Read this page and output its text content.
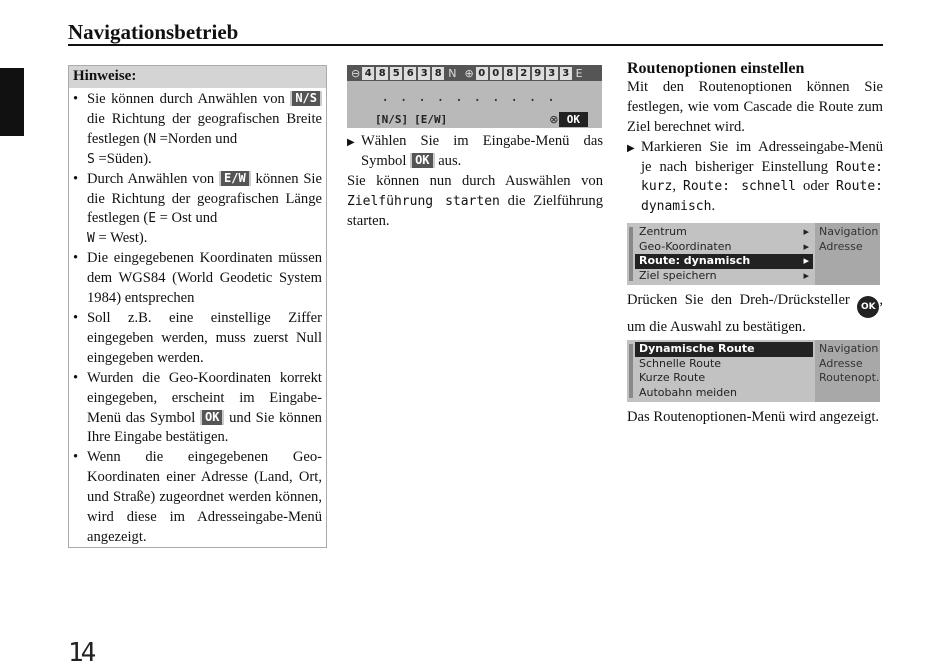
Navigationsbetrieb
14
Hinweise:
• Sie können durch Anwählen von N/S die Richtung der geografischen Breite festlegen (N =Norden und
S =Süden).
• Durch Anwählen von E/W können Sie die Richtung der geografischen Länge festlegen (E = Ost und
W = West).
• Die eingegebenen Koordinaten müssen dem WGS84 (World Geodetic System 1984) entsprechen
• Soll z.B. eine einstellige Ziffer eingegeben werden, muss zuerst Null eingegeben werden.
• Wurden die Geo-Koordinaten korrekt eingegeben, erscheint im Eingabe-Menü das Symbol OK und Sie können Ihre Eingabe bestätigen.
• Wenn die eingegebenen Geo-Koordinaten einer Adresse (Land, Ort, und Straße) zugeordnet werden können, wird diese im Adresseingabe-Menü angezeigt.
⊖ 4 8 5 6 3 8 N ⊕ 0 0 8 2 9 3 3 E
..........
[N/S] [E/W]	⊗ OK
▶ Wählen Sie im Eingabe-Menü das Symbol OK aus.
Sie können nun durch Auswählen von Zielführung starten die Zielführung starten.
Routenoptionen einstellen
Mit den Routenoptionen können Sie festlegen, wie vom Cascade die Route zum Ziel berechnet wird.
▶ Markieren Sie im Adresseingabe-Menü je nach bisheriger Einstellung Route: kurz, Route: schnell oder Route: dynamisch.
Zentrum	▸
Geo-Koordinaten	▸
Route: dynamisch	▸
Ziel speichern	▸
Navigation
Adresse
Drücken Sie den Dreh-/Drücksteller OK , um die Auswahl zu bestätigen.
Dynamische Route
Schnelle Route
Kurze Route
Autobahn meiden
Navigation
Adresse
Routenopt.
Das Routenoptionen-Menü wird angezeigt.
